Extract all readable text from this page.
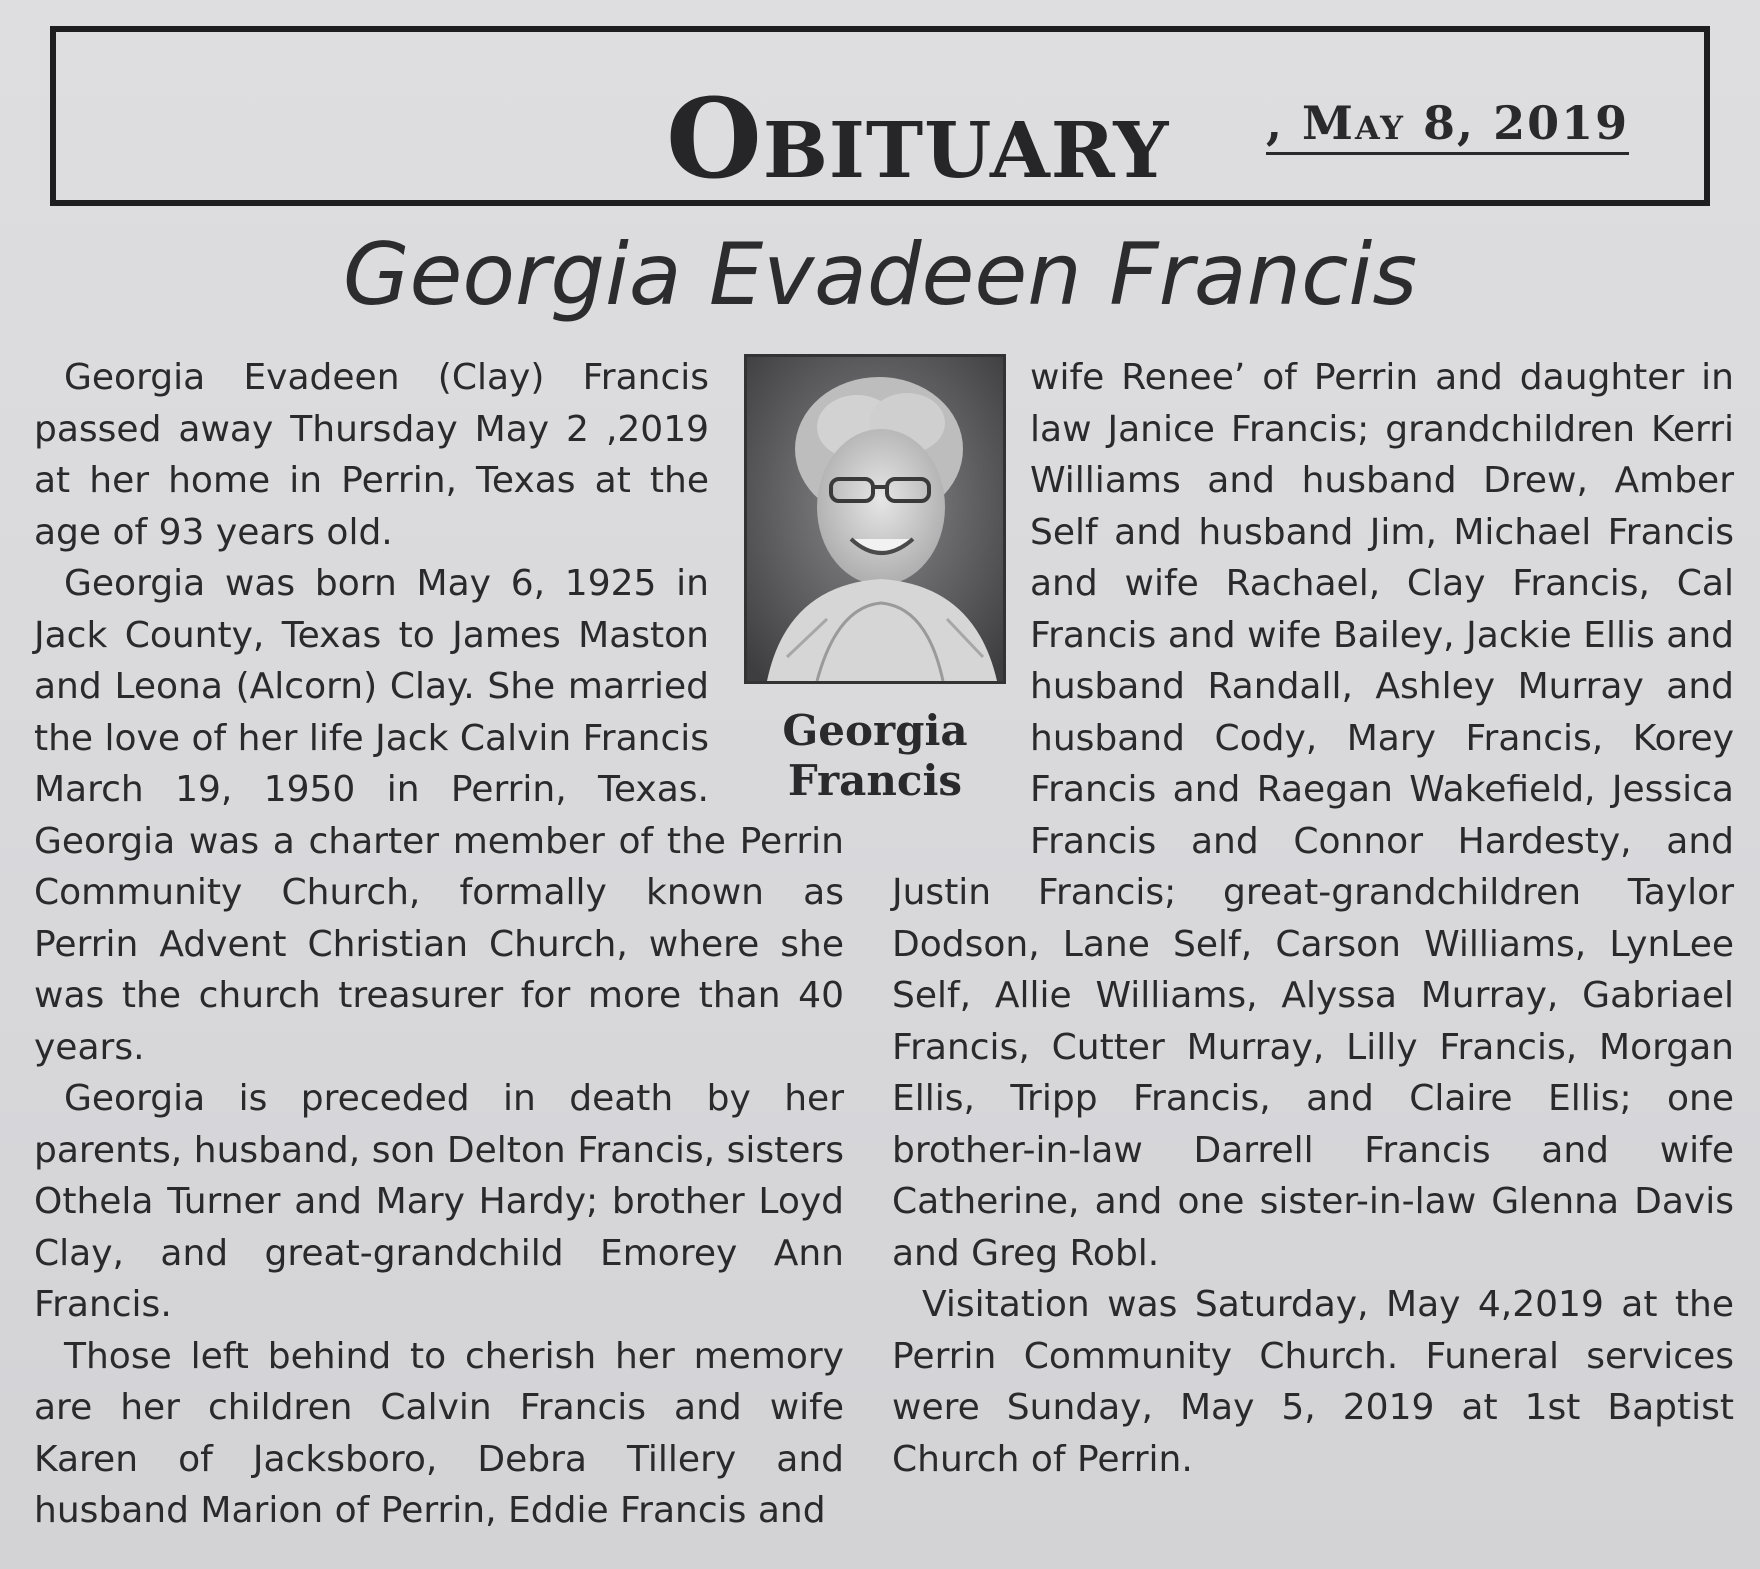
Obituary , May 8, 2019
Georgia Evadeen Francis

Georgia Evadeen (Clay) Francis passed away Thursday May 2 ,2019 at her home in Perrin, Texas at the age of 93 years old.

Georgia was born May 6, 1925 in Jack County, Texas to James Maston and Leona (Alcorn) Clay. She married the love of her life Jack Calvin Francis March 19, 1950 in Perrin, Texas. Georgia was a charter member of the Perrin Community Church, formally known as Perrin Advent Christian Church, where she was the church treasurer for more than 40 years.

Georgia is preceded in death by her parents, husband, son Delton Francis, sisters Othela Turner and Mary Hardy; brother Loyd Clay, and great-grandchild Emorey Ann Francis.

Those left behind to cherish her memory are her children Calvin Francis and wife Karen of Jacksboro, Debra Tillery and husband Marion of Perrin, Eddie Francis and

wife Renee’ of Perrin and daughter in law Janice Francis; grandchildren Kerri Williams and husband Drew, Amber Self and husband Jim, Michael Francis and wife Rachael, Clay Francis, Cal Francis and wife Bailey, Jackie Ellis and husband Randall, Ashley Murray and husband Cody, Mary Francis, Korey Francis and Raegan Wakefield, Jessica Francis and Connor Hardesty, and Justin Francis; great-grandchildren Taylor Dodson, Lane Self, Carson Williams, LynLee Self, Allie Williams, Alyssa Murray, Gabriael Francis, Cutter Murray, Lilly Francis, Morgan Ellis, Tripp Francis, and Claire Ellis; one brother-in-law Darrell Francis and wife Catherine, and one sister-in-law Glenna Davis and Greg Robl.

Visitation was Saturday, May 4,2019 at the Perrin Community Church. Funeral services were Sunday, May 5, 2019 at 1st Baptist Church of Perrin.

Georgia
Francis
